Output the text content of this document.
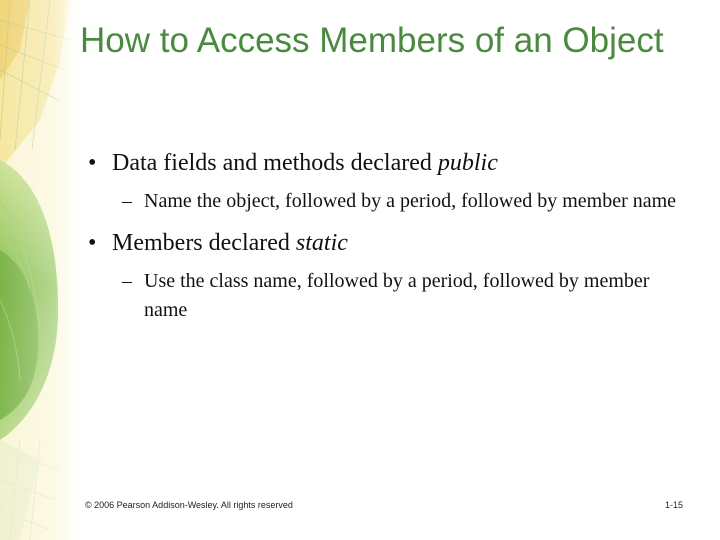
How to Access Members of an Object
• Data fields and methods declared public
– Name the object, followed by a period, followed by member name
• Members declared static
– Use the class name, followed by a period, followed by member name
© 2006 Pearson Addison-Wesley. All rights reserved	1-15
